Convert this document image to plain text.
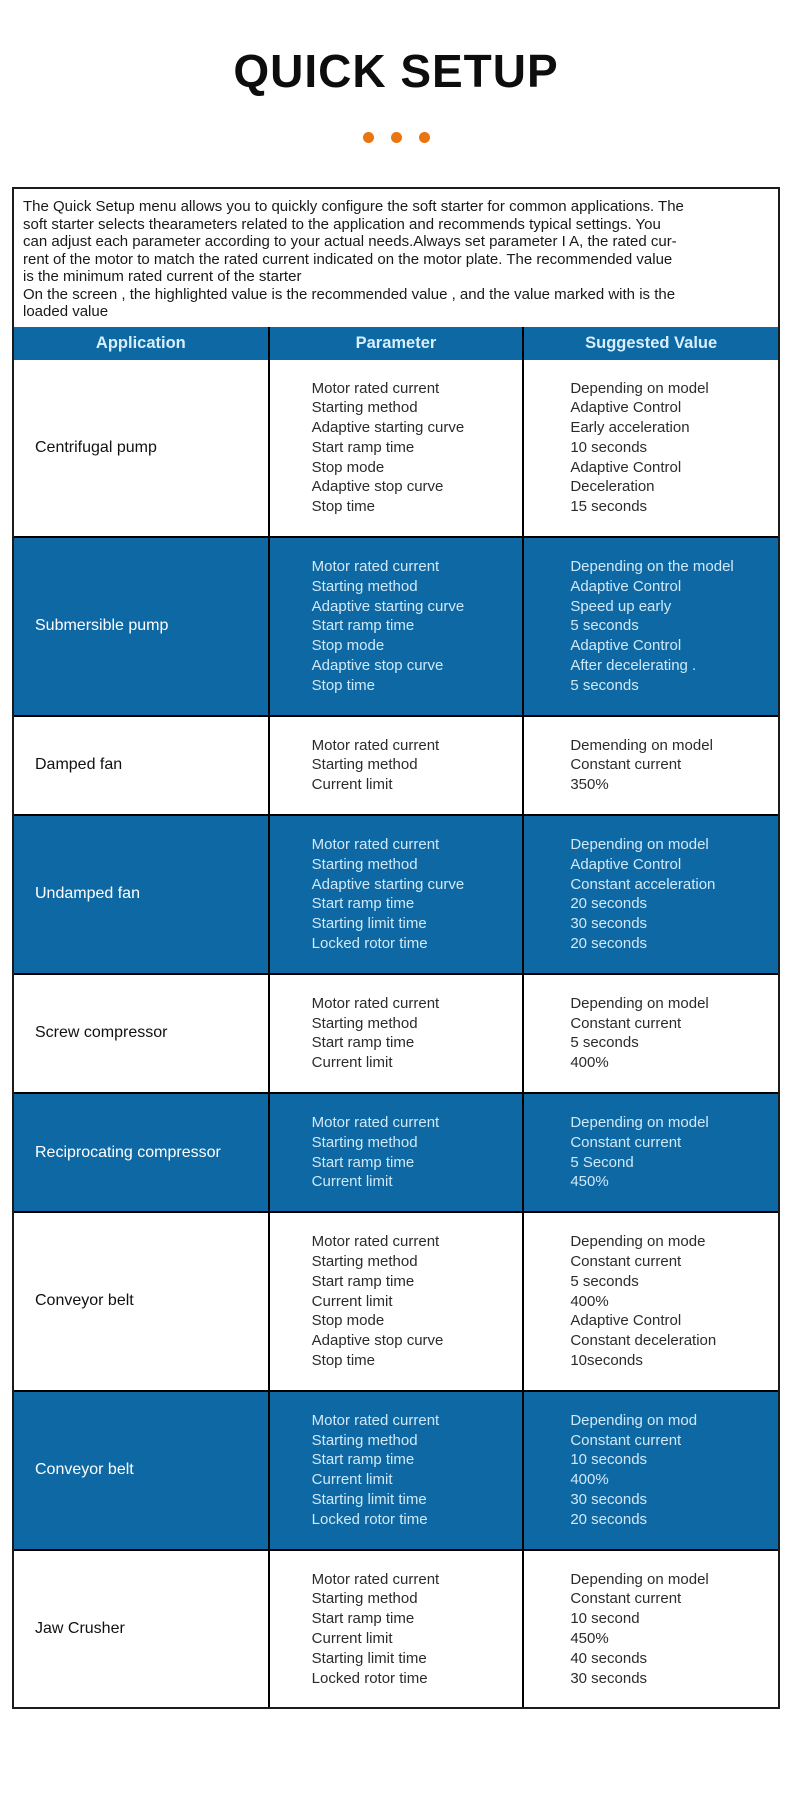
QUICK SETUP
The Quick Setup menu allows you to quickly configure the soft starter for common applications. The
soft starter selects thearameters related to the application and recommends typical settings. You
can adjust each parameter according to your actual needs.Always set parameter I A, the rated cur-
rent of the motor to match the rated current indicated on the motor plate. The recommended value
is the minimum rated current of the starter
On the screen , the highlighted value is the recommended value , and the value marked with is the
loaded value
Application	Parameter	Suggested Value

Centrifugal pump

Motor rated current
Starting method
Adaptive starting curve
Start ramp time
Stop mode
Adaptive stop curve
Stop time

Depending on model
Adaptive Control
Early acceleration
10 seconds
Adaptive Control
Deceleration
15 seconds

Submersible pump

Motor rated current
Starting method
Adaptive starting curve
Start ramp time
Stop mode
Adaptive stop curve
Stop time

Depending on the model
Adaptive Control
Speed up early
5 seconds
Adaptive Control
After decelerating .
5 seconds

Damped fan

Motor rated current
Starting method
Current limit

Demending on model
Constant current
350%

Undamped fan

Motor rated current
Starting method
Adaptive starting curve
Start ramp time
Starting limit time
Locked rotor time

Depending on model
Adaptive Control
Constant acceleration
20 seconds
30 seconds
20 seconds

Screw compressor

Motor rated current
Starting method
Start ramp time
Current limit

Depending on model
Constant current
5 seconds
400%

Reciprocating compressor

Motor rated current
Starting method
Start ramp time
Current limit

Depending on model
Constant current
5 Second
450%

Conveyor belt

Motor rated current
Starting method
Start ramp time
Current limit
Stop mode
Adaptive stop curve
Stop time

Depending on mode
Constant current
5 seconds
400%
Adaptive Control
Constant deceleration
10seconds

Conveyor belt

Motor rated current
Starting method
Start ramp time
Current limit
Starting limit time
Locked rotor time

Depending on mod
Constant current
10 seconds
400%
30 seconds
20 seconds

Jaw Crusher

Motor rated current
Starting method
Start ramp time
Current limit
Starting limit time
Locked rotor time

Depending on model
Constant current
10 second
450%
40 seconds
30 seconds
